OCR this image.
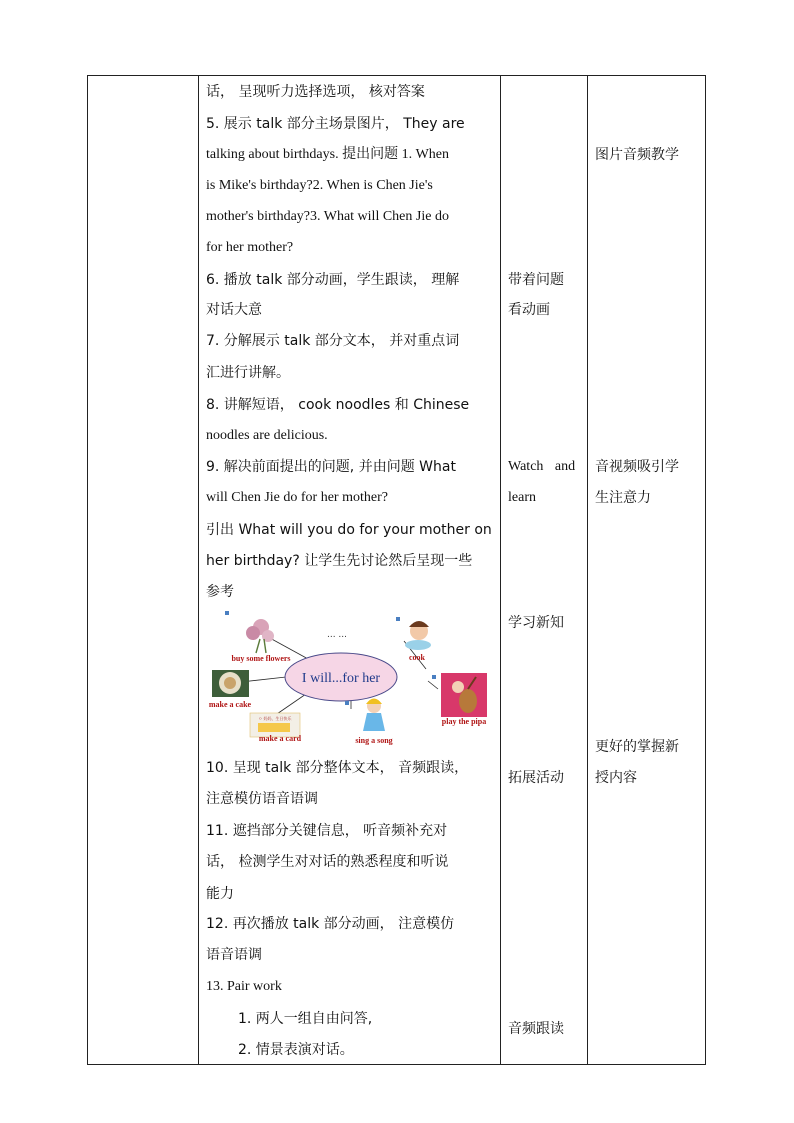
话， 呈现听力选择选项， 核对答案
5. 展示 talk 部分主场景图片， They are
talking about birthdays. 提出问题 1. When
is Mike's birthday?2. When is Chen Jie's
mother's birthday?3. What will Chen Jie do
for her mother?
6. 播放 talk 部分动画，学生跟读， 理解
对话大意
7. 分解展示 talk 部分文本， 并对重点词
汇进行讲解。
8. 讲解短语， cook noodles 和 Chinese
noodles are delicious.
9. 解决前面提出的问题, 并由问题 What
will Chen Jie do for her mother?
引出 What will you do for your mother on
her birthday? 让学生先讨论然后呈现一些
参考
I will...for her
... ...
buy some flowers	cook
make a cake
play the pipa
ㅇ 妈妈，生日快乐
make a card	sing a song
10. 呈现 talk 部分整体文本， 音频跟读，
注意模仿语音语调
11. 遮挡部分关键信息， 听音频补充对
话， 检测学生对对话的熟悉程度和听说
能力
12. 再次播放 talk 部分动画， 注意模仿
语音语调
13. Pair work
1. 两人一组自由问答,
2. 情景表演对话。
带着问题
看动画
Watch and
learn
学习新知
拓展活动
音频跟读
图片音频教学
音视频吸引学
生注意力
更好的掌握新
授内容
